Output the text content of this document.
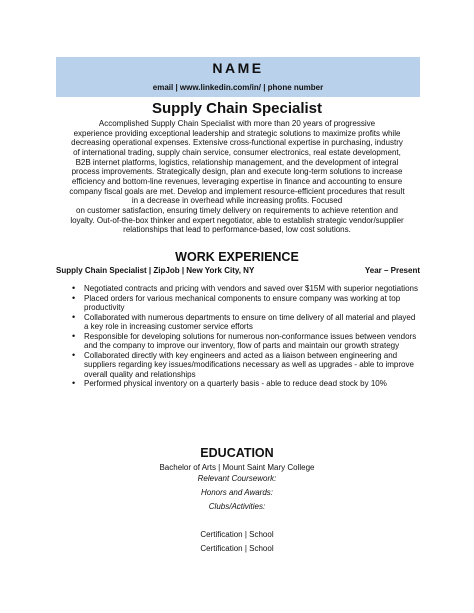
NAME
email | www.linkedin.com/in/ | phone number
Supply Chain Specialist
Accomplished Supply Chain Specialist with more than 20 years of progressive
experience providing exceptional leadership and strategic solutions to maximize profits while
decreasing operational expenses. Extensive cross-functional expertise in purchasing, industry
of international trading, supply chain service, consumer electronics, real estate development,
B2B internet platforms, logistics, relationship management, and the development of integral
process improvements. Strategically design, plan and execute long-term solutions to increase
efficiency and bottom-line revenues, leveraging expertise in finance and accounting to ensure
company fiscal goals are met. Develop and implement resource-efficient procedures that result
in a decrease in overhead while increasing profits. Focused
on customer satisfaction, ensuring timely delivery on requirements to achieve retention and
loyalty. Out-of-the-box thinker and expert negotiator, able to establish strategic vendor/supplier
relationships that lead to performance-based, low cost solutions.
WORK EXPERIENCE
Supply Chain Specialist | ZipJob | New York City, NY	Year – Present
• Negotiated contracts and pricing with vendors and saved over $15M with superior negotiations
• Placed orders for various mechanical components to ensure company was working at top productivity
• Collaborated with numerous departments to ensure on time delivery of all material and played a key role in increasing customer service efforts
• Responsible for developing solutions for numerous non-conformance issues between vendors and the company to improve our inventory, flow of parts and maintain our growth strategy
• Collaborated directly with key engineers and acted as a liaison between engineering and suppliers regarding key issues/modifications necessary as well as upgrades - able to improve overall quality and relationships
• Performed physical inventory on a quarterly basis - able to reduce dead stock by 10%
EDUCATION
Bachelor of Arts | Mount Saint Mary College
Relevant Coursework:
Honors and Awards:
Clubs/Activities:
Certification | School
Certification | School
